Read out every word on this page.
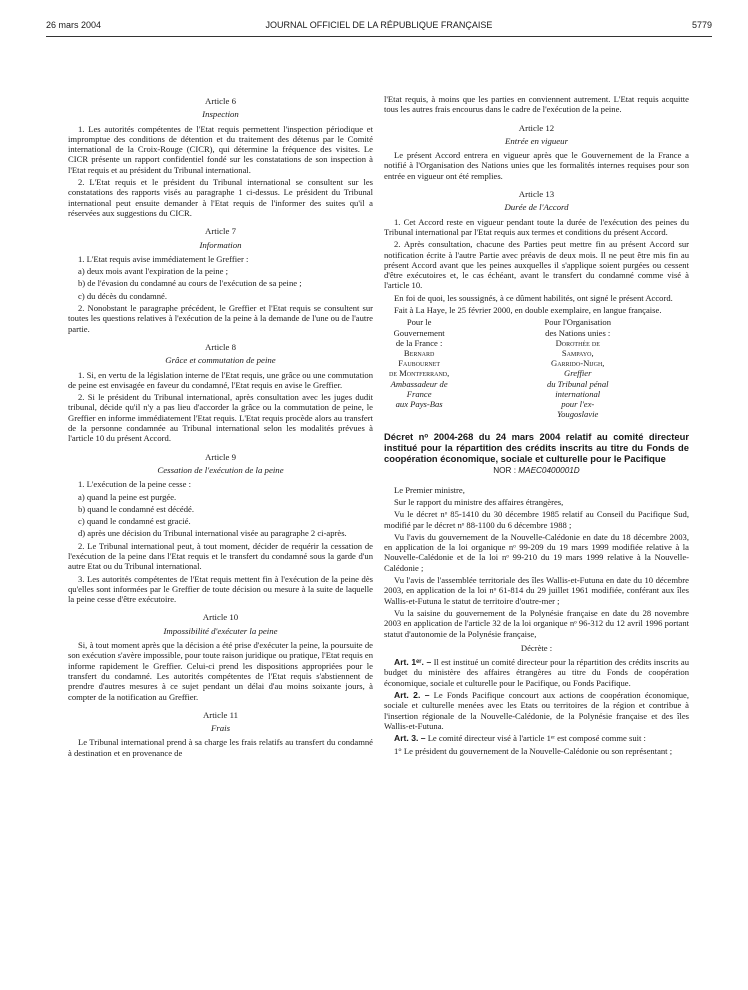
26 mars 2004	JOURNAL OFFICIEL DE LA RÉPUBLIQUE FRANÇAISE	5779
Article 6
Inspection

1. Les autorités compétentes de l'Etat requis permettent l'inspection périodique et impromptue des conditions de détention et du traitement des détenus par le Comité international de la Croix-Rouge (CICR), qui détermine la fréquence des visites. Le CICR présente un rapport confidentiel fondé sur les constatations de son inspection à l'Etat requis et au président du Tribunal international.

2. L'Etat requis et le président du Tribunal international se consultent sur les constatations des rapports visés au paragraphe 1 ci-dessus. Le président du Tribunal international peut ensuite demander à l'Etat requis de l'informer des suites qu'il a réservées aux suggestions du CICR.

Article 7
Information

1. L'Etat requis avise immédiatement le Greffier :

a) deux mois avant l'expiration de la peine ;

b) de l'évasion du condamné au cours de l'exécution de sa peine ;

c) du décès du condamné.

2. Nonobstant le paragraphe précédent, le Greffier et l'Etat requis se consultent sur toutes les questions relatives à l'exécution de la peine à la demande de l'une ou de l'autre partie.

Article 8
Grâce et commutation de peine

1. Si, en vertu de la législation interne de l'Etat requis, une grâce ou une commutation de peine est envisagée en faveur du condamné, l'Etat requis en avise le Greffier.

2. Si le président du Tribunal international, après consultation avec les juges dudit tribunal, décide qu'il n'y a pas lieu d'accorder la grâce ou la commutation de peine, le Greffier en informe immédiatement l'Etat requis. L'Etat requis procède alors au transfert de la personne condamnée au Tribunal international selon les modalités prévues à l'article 10 du présent Accord.

Article 9
Cessation de l'exécution de la peine

1. L'exécution de la peine cesse :

a) quand la peine est purgée.

b) quand le condamné est décédé.

c) quand le condamné est gracié.

d) après une décision du Tribunal international visée au paragraphe 2 ci-après.

2. Le Tribunal international peut, à tout moment, décider de requérir la cessation de l'exécution de la peine dans l'Etat requis et le transfert du condamné sous la garde d'un autre Etat ou du Tribunal international.

3. Les autorités compétentes de l'Etat requis mettent fin à l'exécution de la peine dès qu'elles sont informées par le Greffier de toute décision ou mesure à la suite de laquelle la peine cesse d'être exécutoire.

Article 10
Impossibilité d'exécuter la peine

Si, à tout moment après que la décision a été prise d'exécuter la peine, la poursuite de son exécution s'avère impossible, pour toute raison juridique ou pratique, l'Etat requis en informe rapidement le Greffier. Celui-ci prend les dispositions appropriées pour le transfert du condamné. Les autorités compétentes de l'Etat requis s'abstiennent de prendre d'autres mesures à ce sujet pendant un délai d'au moins soixante jours, à compter de la notification au Greffier.

Article 11
Frais

Le Tribunal international prend à sa charge les frais relatifs au transfert du condamné à destination et en provenance de

l'Etat requis, à moins que les parties en conviennent autrement. L'Etat requis acquitte tous les autres frais encourus dans le cadre de l'exécution de la peine.

Article 12
Entrée en vigueur

Le présent Accord entrera en vigueur après que le Gouvernement de la France a notifié à l'Organisation des Nations unies que les formalités internes requises pour son entrée en vigueur ont été remplies.

Article 13
Durée de l'Accord

1. Cet Accord reste en vigueur pendant toute la durée de l'exécution des peines du Tribunal international par l'Etat requis aux termes et conditions du présent Accord.

2. Après consultation, chacune des Parties peut mettre fin au présent Accord sur notification écrite à l'autre Partie avec préavis de deux mois. Il ne peut être mis fin au présent Accord avant que les peines auxquelles il s'applique soient purgées ou cessent d'être exécutoires et, le cas échéant, avant le transfert du condamné comme visé à l'article 10.

En foi de quoi, les soussignés, à ce dûment habilités, ont signé le présent Accord.

Fait à La Haye, le 25 février 2000, en double exemplaire, en langue française.

Pour le Gouvernement
de la France :
Bernard Faubournet
de Montferrand,
Ambassadeur de France
aux Pays-Bas
Pour l'Organisation
des Nations unies :
Dorothée de Sampayo,
Garrido-Nijgh,
Greffier
du Tribunal pénal international
pour l'ex-Yougoslavie
Décret nᵒ 2004-268 du 24 mars 2004 relatif au comité directeur institué pour la répartition des crédits inscrits au titre du Fonds de coopération économique, sociale et culturelle pour le Pacifique
NOR : MAEC0400001D

Le Premier ministre,

Sur le rapport du ministre des affaires étrangères,

Vu le décret nᵒ 85-1410 du 30 décembre 1985 relatif au Conseil du Pacifique Sud, modifié par le décret nᵒ 88-1100 du 6 décembre 1988 ;

Vu l'avis du gouvernement de la Nouvelle-Calédonie en date du 18 décembre 2003, en application de la loi organique nᵒ 99-209 du 19 mars 1999 modifiée relative à la Nouvelle-Calédonie et de la loi nᵒ 99-210 du 19 mars 1999 relative à la Nouvelle-Calédonie ;

Vu l'avis de l'assemblée territoriale des îles Wallis-et-Futuna en date du 10 décembre 2003, en application de la loi nᵒ 61-814 du 29 juillet 1961 modifiée, conférant aux îles Wallis-et-Futuna le statut de territoire d'outre-mer ;

Vu la saisine du gouvernement de la Polynésie française en date du 28 novembre 2003 en application de l'article 32 de la loi organique nᵒ 96-312 du 12 avril 1996 portant statut d'autonomie de la Polynésie française,

Décrète :

Art. 1ᵉʳ. – Il est institué un comité directeur pour la répartition des crédits inscrits au budget du ministère des affaires étrangères au titre du Fonds de coopération économique, sociale et culturelle pour le Pacifique, ou Fonds Pacifique.

Art. 2. – Le Fonds Pacifique concourt aux actions de coopération économique, sociale et culturelle menées avec les Etats ou territoires de la région et contribue à l'insertion régionale de la Nouvelle-Calédonie, de la Polynésie française et des îles Wallis-et-Futuna.

Art. 3. – Le comité directeur visé à l'article 1ᵉʳ est composé comme suit :

1° Le président du gouvernement de la Nouvelle-Calédonie ou son représentant ;
